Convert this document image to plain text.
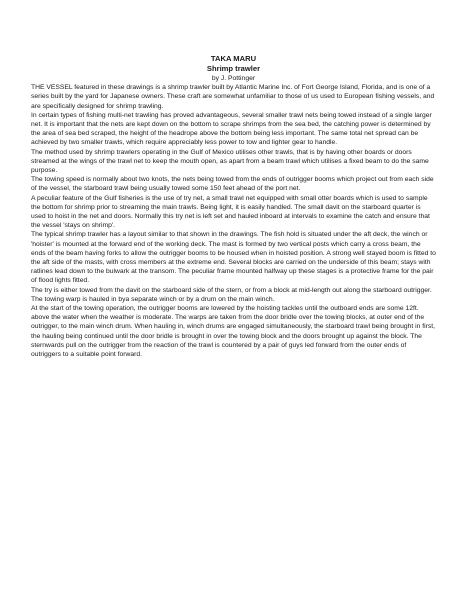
TAKA MARU
Shrimp trawler
by J. Pottinger

THE VESSEL featured in these drawings is a shrimp trawler built by Atlantic Marine Inc. of Fort George Island, Florida, and is one of a series built by the yard for Japanese owners. These craft are somewhat unfamiliar to those of us used to European fishing vessels, and are specifically designed for shrimp trawling.

In certain types of fishing multi-net trawling has proved advantageous, several smaller trawl nets being towed instead of a single larger net. It is important that the nets are kept down on the bottom to scrape shrimps from the sea bed, the catching power is determined by the area of sea bed scraped, the height of the headrope above the bottom being less important. The same total net spread can be achieved by two smaller trawls, which require appreciably less power to tow and lighter gear to handle.

The method used by shrimp trawlers operating in the Gulf of Mexico utilises other trawls, that is by having other boards or doors streamed at the wings of the trawl net to keep the mouth open, as apart from a beam trawl which utilises a fixed beam to do the same purpose.

The towing speed is normally about two knots, the nets being towed from the ends of outrigger booms which project out from each side of the vessel, the starboard trawl being usually towed some 150 feet ahead of the port net.

A peculiar feature of the Gulf fisheries is the use of try net, a small trawl net equipped with small otter boards which is used to sample the bottom for shrimp prior to streaming the main trawls. Being light, it is easily handled. The small davit on the starboard quarter is used to hoist in the net and doors. Normally this try net is left set and hauled inboard at intervals to examine the catch and ensure that the vessel 'stays on shrimp'.

The typical shrimp trawler has a layout similar to that shown in the drawings. The fish hold is situated under the aft deck, the winch or 'hoister' is mounted at the forward end of the working deck. The mast is formed by two vertical posts which carry a cross beam, the ends of the beam having forks to allow the outrigger booms to be housed when in hoisted position. A strong well stayed boom is fitted to the aft side of the masts, with cross members at the extreme end. Several blocks are carried on the underside of this beam; stays with ratlines lead down to the bulwark at the transom. The peculiar frame mounted halfway up these stages is a protective frame for the pair of flood lights fitted.

The try is either towed from the davit on the starboard side of the stern, or from a block at mid-length out along the starboard outrigger. The towing warp is hauled in bya separate winch or by a drum on the main winch.

At the start of the towing operation, the outrigger booms are lowered by the hoisting tackles until the outboard ends are some 12ft. above the water when the weather is moderate. The warps are taken from the door bridle over the towing blocks, at outer end of the outrigger, to the main winch drum. When hauling in, winch drums are engaged simultaneously, the starboard trawl being brought in first, the hauling being continued until the door bridle is brought in over the towing block and the doors brought up against the block. The sternwards pull on the outrigger from the reaction of the trawl is countered by a pair of guys led forward from the outer ends of outriggers to a suitable point forward.
